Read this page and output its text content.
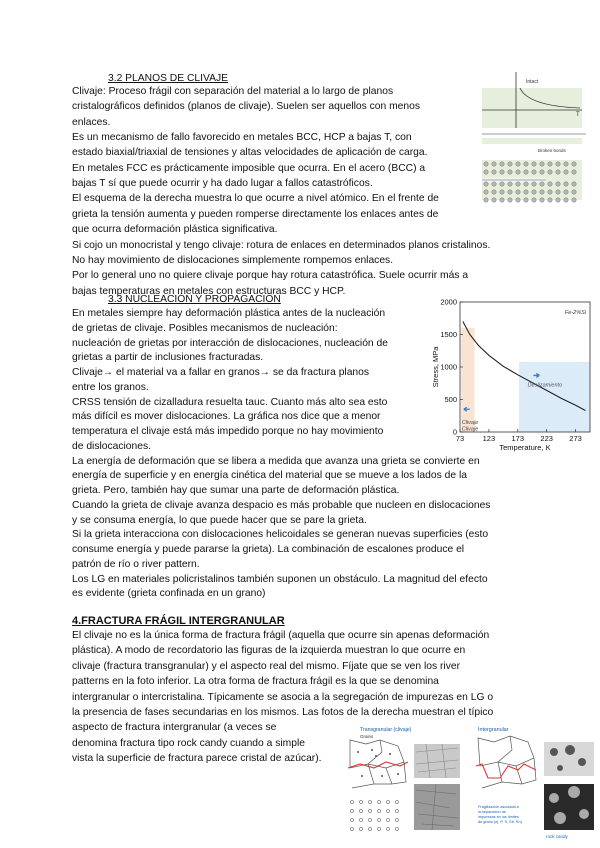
3.2 PLANOS DE CLIVAJE
Clivaje: Proceso frágil con separación del material a lo largo de planos
cristalográficos definidos (planos de clivaje). Suelen ser aquellos con menos
enlaces.
Es un mecanismo de fallo favorecido en metales BCC, HCP a bajas T, con
estado biaxial/triaxial de tensiones y altas velocidades de aplicación de carga.
En metales FCC es prácticamente imposible que ocurra. En el acero (BCC) a
bajas T sí que puede ocurrir y ha dado lugar a fallos catastróficos.
El esquema de la derecha muestra lo que ocurre a nivel atómico. En el frente de
grieta la tensión aumenta y pueden romperse directamente los enlaces antes de
que ocurra deformación plástica significativa.
Si cojo un monocristal y tengo clivaje: rotura de enlaces en determinados planos cristalinos.
No hay movimiento de dislocaciones simplemente rompemos enlaces.
Por lo general uno no quiere clivaje porque hay rotura catastrófica. Suele ocurrir más a
bajas temperaturas en metales con estructuras BCC y HCP.
3.3 NUCLEACIÓN Y PROPAGACIÓN
En metales siempre hay deformación plástica antes de la nucleación
de grietas de clivaje. Posibles mecanismos de nucleación:
nucleación de grietas por interacción de dislocaciones, nucleación de
grietas a partir de inclusiones fracturadas.
Clivaje→ el material va a fallar en granos→ se da fractura planos
entre los granos.
CRSS tensión de cizalladura resuelta tauc. Cuanto más alto sea esto
más difícil es mover dislocaciones. La gráfica nos dice que a menor
temperatura el clivaje está más impedido porque no hay movimiento
de dislocaciones.
La energía de deformación que se libera a medida que avanza una grieta se convierte en
energía de superficie y en energía cinética del material que se mueve a los lados de la
grieta. Pero, también hay que sumar una parte de deformación plástica.
Cuando la grieta de clivaje avanza despacio es más probable que nucleen en dislocaciones
y se consuma energía, lo que puede hacer que se pare la grieta.
Si la grieta interacciona con dislocaciones helicoidales se generan nuevas superficies (esto
consume energía y puede pararse la grieta). La combinación de escalones produce el
patrón de río o river pattern.
Los LG en materiales policristalinos también suponen un obstáculo. La magnitud del efecto
es evidente (grieta confinada en un grano)
4.FRACTURA FRÁGIL INTERGRANULAR
El clivaje no es la única forma de fractura frágil (aquella que ocurre sin apenas deformación
plástica). A modo de recordatorio las figuras de la izquierda muestran lo que ocurre en
clivaje (fractura transgranular) y el aspecto real del mismo. Fíjate que se ven los river
patterns en la foto inferior. La otra forma de fractura frágil es la que se denomina
intergranular o intercristalina. Típicamente se asocia a la segregación de impurezas en LG o
la presencia de fases secundarias en los mismos. Las fotos de la derecha muestran el típico
aspecto de fractura intergranular (a veces se
denomina fractura tipo rock candy cuando a simple
vista la superficie de fractura parece cristal de azúcar).
Intact
T
Broken bonds
73 123 173 223 273
0
500
1000
1500
2000
Temperature, K
Stress, MPa
Fe-2%Si
Clivaje
Clivaje
Deslizamiento
Transgranular (clivaje)
Grains
Intergranular
Fragilización asociada a
la separación de
impurezas en los límites
de grano (ej. P, S, Sb, Sn)
rock candy
